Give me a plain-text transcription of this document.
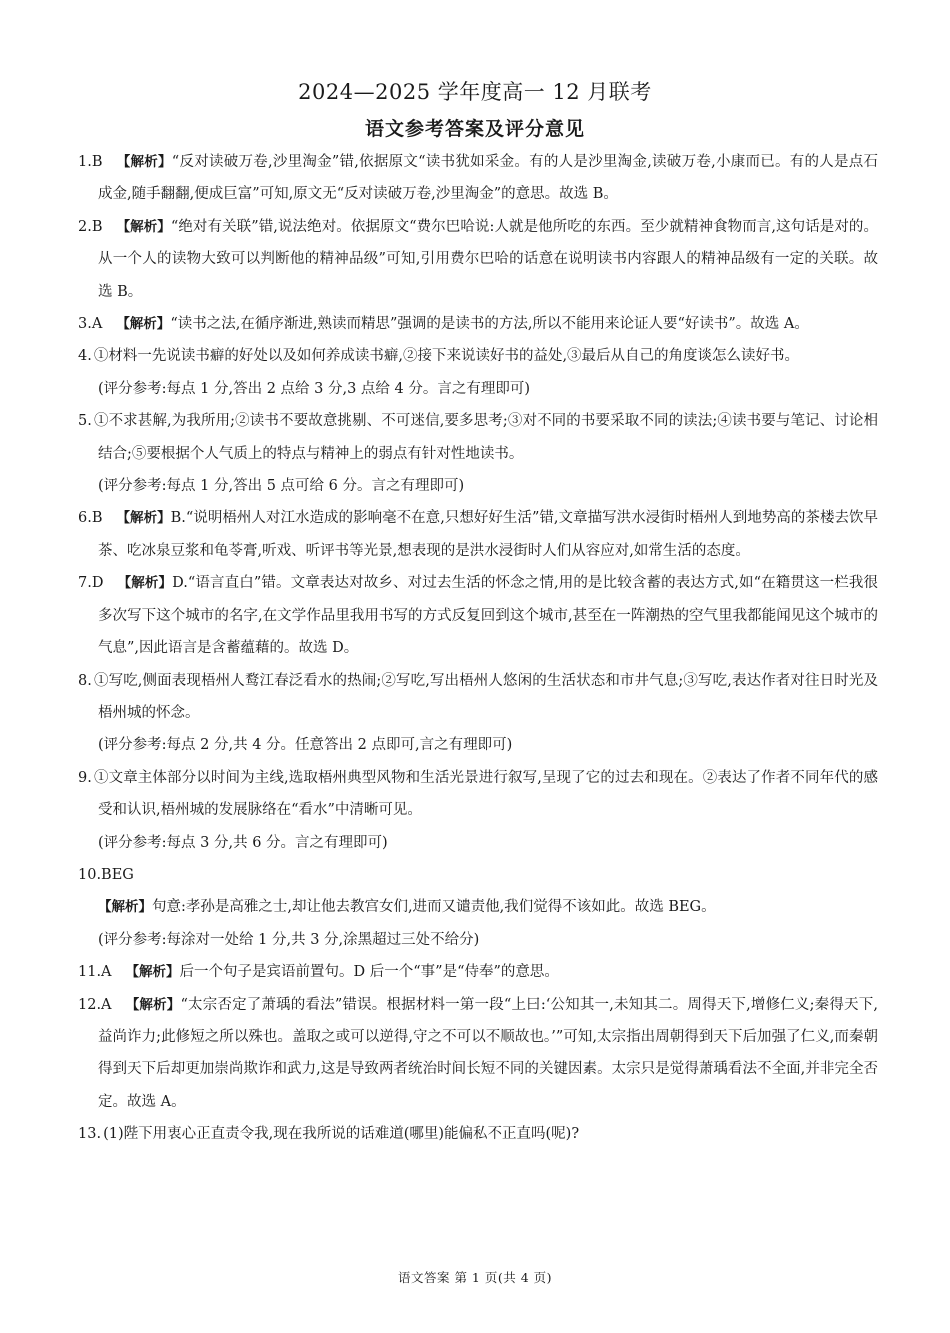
2024—2025 学年度高一 12 月联考
语文参考答案及评分意见

1.B 【解析】“反对读破万卷,沙里淘金”错,依据原文“读书犹如采金。有的人是沙里淘金,读破万卷,小康而已。有的人是点石成金,随手翻翻,便成巨富”可知,原文无“反对读破万卷,沙里淘金”的意思。故选 B。

2.B 【解析】“绝对有关联”错,说法绝对。依据原文“费尔巴哈说:人就是他所吃的东西。至少就精神食物而言,这句话是对的。从一个人的读物大致可以判断他的精神品级”可知,引用费尔巴哈的话意在说明读书内容跟人的精神品级有一定的关联。故选 B。

3.A 【解析】“读书之法,在循序渐进,熟读而精思”强调的是读书的方法,所以不能用来论证人要“好读书”。故选 A。

4. ①材料一先说读书癖的好处以及如何养成读书癖,②接下来说读好书的益处,③最后从自己的角度谈怎么读好书。

(评分参考:每点 1 分,答出 2 点给 3 分,3 点给 4 分。言之有理即可)

5. ①不求甚解,为我所用;②读书不要故意挑剔、不可迷信,要多思考;③对不同的书要采取不同的读法;④读书要与笔记、讨论相结合;⑤要根据个人气质上的特点与精神上的弱点有针对性地读书。

(评分参考:每点 1 分,答出 5 点可给 6 分。言之有理即可)

6.B 【解析】B.“说明梧州人对江水造成的影响毫不在意,只想好好生活”错,文章描写洪水浸街时梧州人到地势高的茶楼去饮早茶、吃冰泉豆浆和龟苓膏,听戏、听评书等光景,想表现的是洪水浸街时人们从容应对,如常生活的态度。

7.D 【解析】D.“语言直白”错。文章表达对故乡、对过去生活的怀念之情,用的是比较含蓄的表达方式,如“在籍贯这一栏我很多次写下这个城市的名字,在文学作品里我用书写的方式反复回到这个城市,甚至在一阵潮热的空气里我都能闻见这个城市的气息”,因此语言是含蓄蕴藉的。故选 D。

8. ①写吃,侧面表现梧州人鹜江春泛看水的热闹;②写吃,写出梧州人悠闲的生活状态和市井气息;③写吃,表达作者对往日时光及梧州城的怀念。

(评分参考:每点 2 分,共 4 分。任意答出 2 点即可,言之有理即可)

9. ①文章主体部分以时间为主线,选取梧州典型风物和生活光景进行叙写,呈现了它的过去和现在。②表达了作者不同年代的感受和认识,梧州城的发展脉络在“看水”中清晰可见。

(评分参考:每点 3 分,共 6 分。言之有理即可)

10.BEG

【解析】句意:孝孙是高雅之士,却让他去教宫女们,进而又谴责他,我们觉得不该如此。故选 BEG。

(评分参考:每涂对一处给 1 分,共 3 分,涂黑超过三处不给分)

11.A 【解析】后一个句子是宾语前置句。D 后一个“事”是“侍奉”的意思。

12.A 【解析】“太宗否定了萧瑀的看法”错误。根据材料一第一段“上曰:‘公知其一,未知其二。周得天下,增修仁义;秦得天下,益尚诈力;此修短之所以殊也。盖取之或可以逆得,守之不可以不顺故也。’”可知,太宗指出周朝得到天下后加强了仁义,而秦朝得到天下后却更加崇尚欺诈和武力,这是导致两者统治时间长短不同的关键因素。太宗只是觉得萧瑀看法不全面,并非完全否定。故选 A。

13. (1)陛下用衷心正直责令我,现在我所说的话难道(哪里)能偏私不正直吗(呢)?

语文答案 第 1 页(共 4 页)
